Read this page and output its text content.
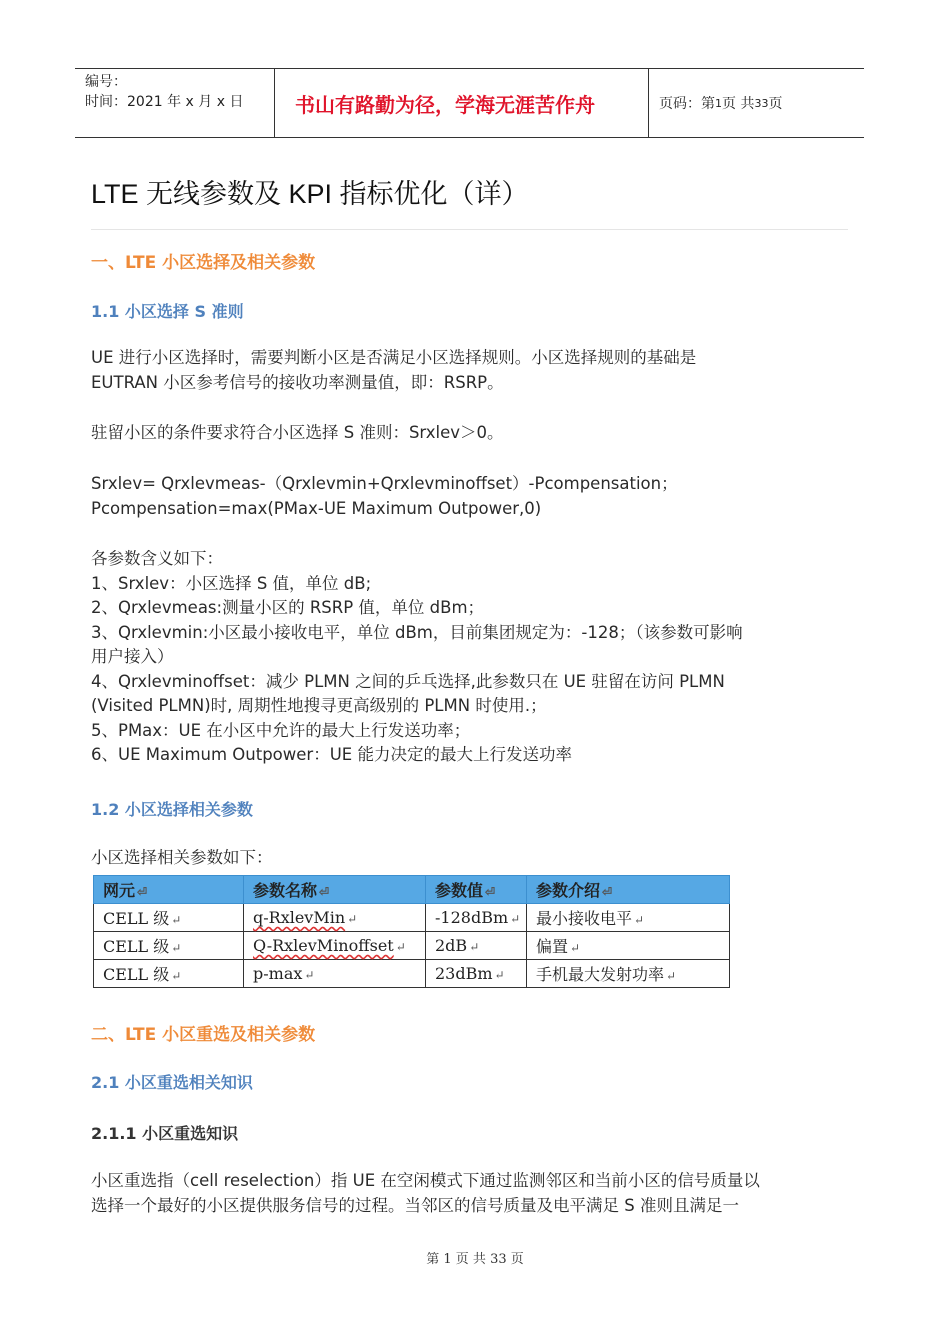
编号：
时间：2021 年 x 月 x 日	书山有路勤为径，学海无涯苦作舟	页码：第 1 页 共 33 页
LTE 无线参数及 KPI 指标优化（详）
一、LTE 小区选择及相关参数
1.1 小区选择 S 准则
UE 进行小区选择时，需要判断小区是否满足小区选择规则。小区选择规则的基础是
EUTRAN 小区参考信号的接收功率测量值，即：RSRP。
驻留小区的条件要求符合小区选择 S 准则：Srxlev＞0。
Srxlev= Qrxlevmeas-（Qrxlevmin+Qrxlevminoffset）-Pcompensation；
Pcompensation=max(PMax-UE Maximum Outpower,0)
各参数含义如下：
1、Srxlev：小区选择 S 值，单位 dB;
2、Qrxlevmeas:测量小区的 RSRP 值，单位 dBm；
3、Qrxlevmin:小区最小接收电平，单位 dBm，目前集团规定为：-128；（该参数可影响
用户接入）
4、Qrxlevminoffset：减少 PLMN 之间的乒乓选择,此参数只在 UE 驻留在访问 PLMN
(Visited PLMN)时, 周期性地搜寻更高级别的 PLMN 时使用.；
5、PMax：UE 在小区中允许的最大上行发送功率；
6、UE Maximum Outpower：UE 能力决定的最大上行发送功率
1.2 小区选择相关参数
小区选择相关参数如下：
网元 ⏎	参数名称 ⏎	参数值 ⏎	参数介绍 ⏎
CELL 级 ↵	q-RxlevMin ↵	-128dBm ↵	最小接收电平 ↵
CELL 级 ↵	Q-RxlevMinoffset ↵	2dB ↵	偏置 ↵
CELL 级 ↵	p-max ↵	23dBm ↵	手机最大发射功率 ↵
二、LTE 小区重选及相关参数
2.1 小区重选相关知识
2.1.1 小区重选知识
小区重选指（cell reselection）指 UE 在空闲模式下通过监测邻区和当前小区的信号质量以
选择一个最好的小区提供服务信号的过程。当邻区的信号质量及电平满足 S 准则且满足一
第 1 页 共 33 页
